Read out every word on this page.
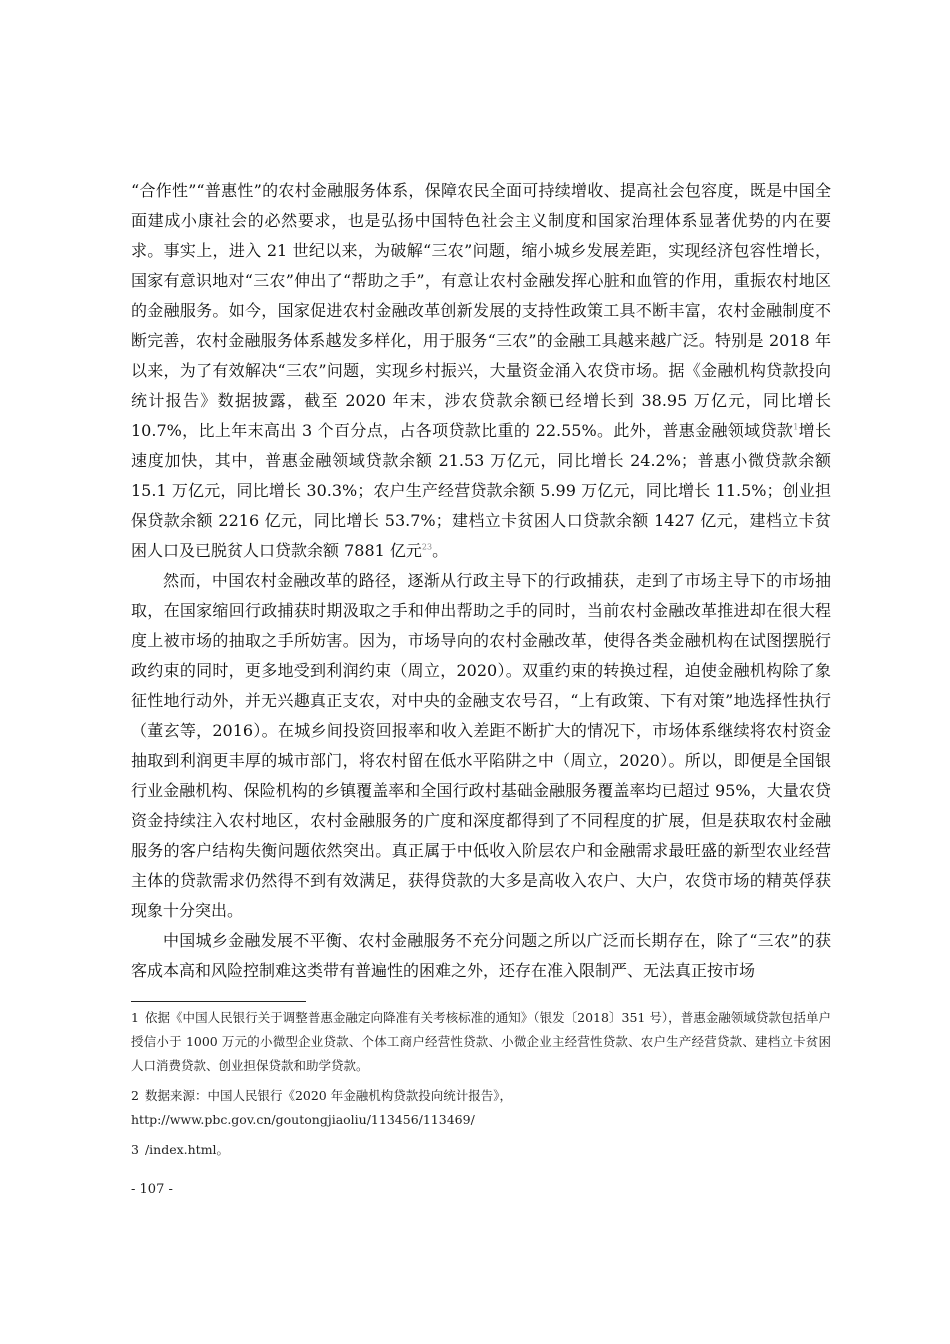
“合作性”“普惠性”的农村金融服务体系，保障农民全面可持续增收、提高社会包容度，既是中国全面建成小康社会的必然要求，也是弘扬中国特色社会主义制度和国家治理体系显著优势的内在要求。事实上，进入 21 世纪以来，为破解“三农”问题，缩小城乡发展差距，实现经济包容性增长，国家有意识地对“三农”伸出了“帮助之手”，有意让农村金融发挥心脏和血管的作用，重振农村地区的金融服务。如今，国家促进农村金融改革创新发展的支持性政策工具不断丰富，农村金融制度不断完善，农村金融服务体系越发多样化，用于服务“三农”的金融工具越来越广泛。特别是 2018 年以来，为了有效解决“三农”问题，实现乡村振兴，大量资金涌入农贷市场。据《金融机构贷款投向统计报告》数据披露，截至 2020 年末，涉农贷款余额已经增长到 38.95 万亿元，同比增长 10.7%，比上年末高出 3 个百分点，占各项贷款比重的 22.55%。此外，普惠金融领域贷款$^1$增长速度加快，其中，普惠金融领域贷款余额 21.53 万亿元，同比增长 24.2%；普惠小微贷款余额 15.1 万亿元，同比增长 30.3%；农户生产经营贷款余额 5.99 万亿元，同比增长 11.5%；创业担保贷款余额 2216 亿元，同比增长 53.7%；建档立卡贫困人口贷款余额 1427 亿元，建档立卡贫困人口及已脱贫人口贷款余额 7881 亿元$^{23}$。

然而，中国农村金融改革的路径，逐渐从行政主导下的行政捕获，走到了市场主导下的市场抽取，在国家缩回行政捕获时期汲取之手和伸出帮助之手的同时，当前农村金融改革推进却在很大程度上被市场的抽取之手所妨害。因为，市场导向的农村金融改革，使得各类金融机构在试图摆脱行政约束的同时，更多地受到利润约束（周立，2020）。双重约束的转换过程，迫使金融机构除了象征性地行动外，并无兴趣真正支农，对中央的金融支农号召，“上有政策、下有对策”地选择性执行（董玄等，2016）。在城乡间投资回报率和收入差距不断扩大的情况下，市场体系继续将农村资金抽取到利润更丰厚的城市部门，将农村留在低水平陷阱之中（周立，2020）。所以，即便是全国银行业金融机构、保险机构的乡镇覆盖率和全国行政村基础金融服务覆盖率均已超过 95%，大量农贷资金持续注入农村地区，农村金融服务的广度和深度都得到了不同程度的扩展，但是获取农村金融服务的客户结构失衡问题依然突出。真正属于中低收入阶层农户和金融需求最旺盛的新型农业经营主体的贷款需求仍然得不到有效满足，获得贷款的大多是高收入农户、大户，农贷市场的精英俘获现象十分突出。

中国城乡金融发展不平衡、农村金融服务不充分问题之所以广泛而长期存在，除了“三农”的获客成本高和风险控制难这类带有普遍性的困难之外，还存在准入限制严、无法真正按市场

1 依据《中国人民银行关于调整普惠金融定向降准有关考核标准的通知》（银发〔2018〕351 号），普惠金融领域贷款包括单户授信小于 1000 万元的小微型企业贷款、个体工商户经营性贷款、小微企业主经营性贷款、农户生产经营贷款、建档立卡贫困人口消费贷款、创业担保贷款和助学贷款。

2 数据来源：中国人民银行《2020 年金融机构贷款投向统计报告》，
http://www.pbc.gov.cn/goutongjiaoliu/113456/113469/

3 /index.html。

- 107 -
